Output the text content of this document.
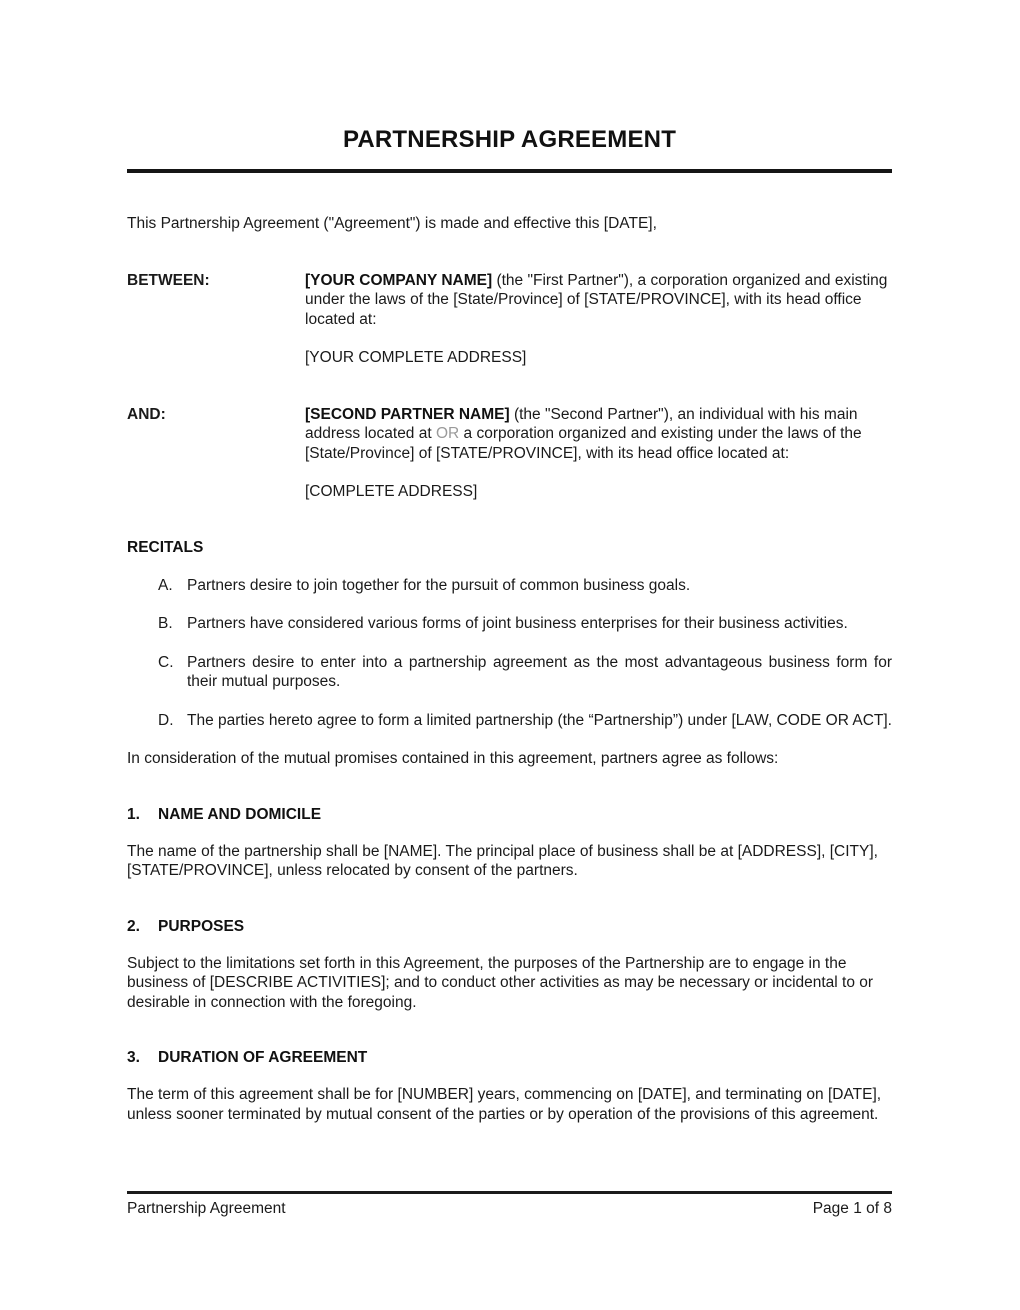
PARTNERSHIP AGREEMENT

This Partnership Agreement ("Agreement") is made and effective this [DATE],

BETWEEN:	[YOUR COMPANY NAME] (the "First Partner"), a corporation organized and existing under the laws of the [State/Province] of [STATE/PROVINCE], with its head office located at:

[YOUR COMPLETE ADDRESS]

AND:	[SECOND PARTNER NAME] (the "Second Partner"), an individual with his main address located at OR a corporation organized and existing under the laws of the [State/Province] of [STATE/PROVINCE], with its head office located at:

[COMPLETE ADDRESS]

RECITALS
A. Partners desire to join together for the pursuit of common business goals.

B. Partners have considered various forms of joint business enterprises for their business activities.

C. Partners desire to enter into a partnership agreement as the most advantageous business form for their mutual purposes.

D. The parties hereto agree to form a limited partnership (the “Partnership”) under [LAW, CODE OR ACT].

In consideration of the mutual promises contained in this agreement, partners agree as follows:

1. NAME AND DOMICILE

The name of the partnership shall be [NAME]. The principal place of business shall be at [ADDRESS], [CITY], [STATE/PROVINCE], unless relocated by consent of the partners.

2. PURPOSES

Subject to the limitations set forth in this Agreement, the purposes of the Partnership are to engage in the business of [DESCRIBE ACTIVITIES]; and to conduct other activities as may be necessary or incidental to or desirable in connection with the foregoing.

3. DURATION OF AGREEMENT

The term of this agreement shall be for [NUMBER] years, commencing on [DATE], and terminating on [DATE], unless sooner terminated by mutual consent of the parties or by operation of the provisions of this agreement.

Partnership Agreement	Page 1 of 8
